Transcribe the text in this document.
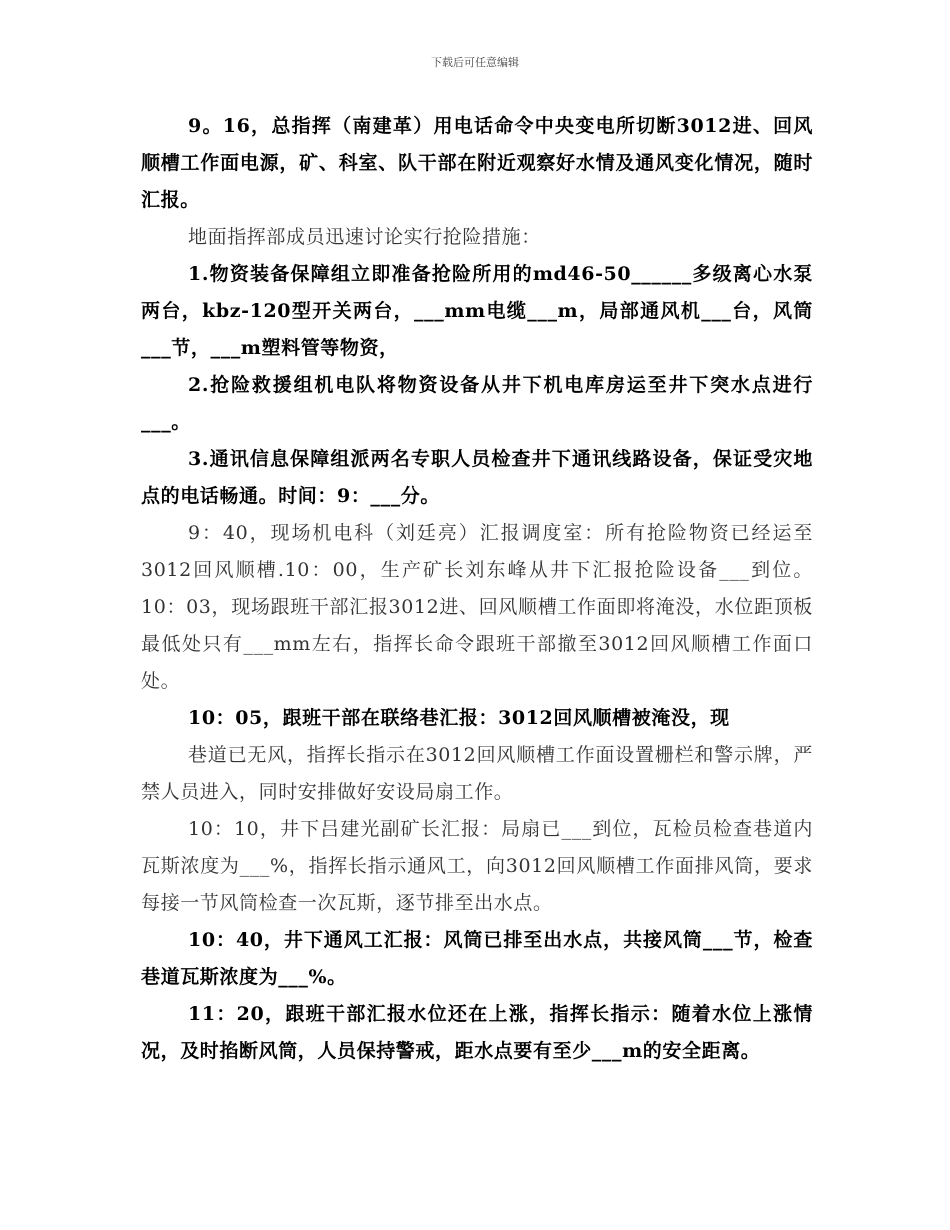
下载后可任意编辑

9。16，总指挥（南建革）用电话命令中央变电所切断3012进、回风顺槽工作面电源，矿、科室、队干部在附近观察好水情及通风变化情况，随时汇报。

地面指挥部成员迅速讨论实行抢险措施：

1.物资装备保障组立即准备抢险所用的md46-50______多级离心水泵两台，kbz-120型开关两台，___mm电缆___m，局部通风机___台，风筒___节，___m塑料管等物资，

2.抢险救援组机电队将物资设备从井下机电库房运至井下突水点进行___。

3.通讯信息保障组派两名专职人员检查井下通讯线路设备，保证受灾地点的电话畅通。时间：9：___分。

9：40，现场机电科（刘廷亮）汇报调度室：所有抢险物资已经运至3012回风顺槽.10：00，生产矿长刘东峰从井下汇报抢险设备___到位。10：03，现场跟班干部汇报3012进、回风顺槽工作面即将淹没，水位距顶板最低处只有___mm左右，指挥长命令跟班干部撤至3012回风顺槽工作面口处。

10：05，跟班干部在联络巷汇报：3012回风顺槽被淹没，现

巷道已无风，指挥长指示在3012回风顺槽工作面设置栅栏和警示牌，严禁人员进入，同时安排做好安设局扇工作。

10：10，井下吕建光副矿长汇报：局扇已___到位，瓦检员检查巷道内瓦斯浓度为___%，指挥长指示通风工，向3012回风顺槽工作面排风筒，要求每接一节风筒检查一次瓦斯，逐节排至出水点。

10：40，井下通风工汇报：风筒已排至出水点，共接风筒___节，检查巷道瓦斯浓度为___%。

11：20，跟班干部汇报水位还在上涨，指挥长指示：随着水位上涨情况，及时掐断风筒，人员保持警戒，距水点要有至少___m的安全距离。
